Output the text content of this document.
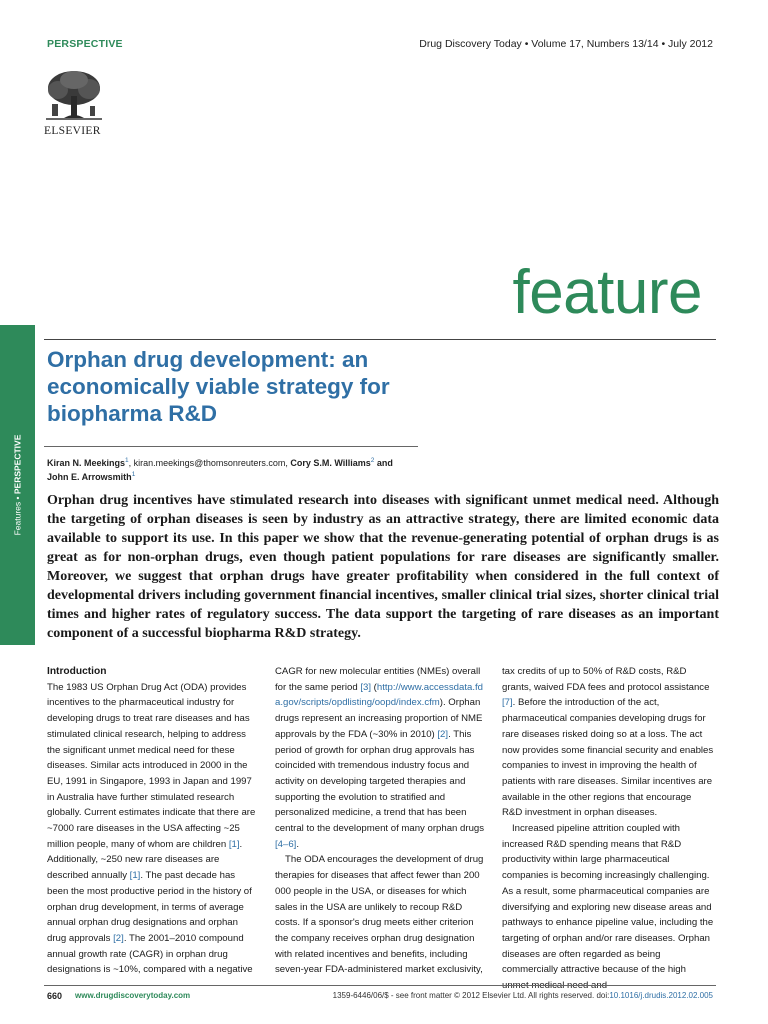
PERSPECTIVE	Drug Discovery Today • Volume 17, Numbers 13/14 • July 2012
ELSEVIER
feature
Features • PERSPECTIVE
Orphan drug development: an economically viable strategy for biopharma R&D
Kiran N. Meekings$^1$, kiran.meekings@thomsonreuters.com, Cory S.M. Williams$^2$ and
John E. Arrowsmith$^1$
Orphan drug incentives have stimulated research into diseases with significant unmet medical need. Although the targeting of orphan diseases is seen by industry as an attractive strategy, there are limited economic data available to support its use. In this paper we show that the revenue-generating potential of orphan drugs is as great as for non-orphan drugs, even though patient populations for rare diseases are significantly smaller. Moreover, we suggest that orphan drugs have greater profitability when considered in the full context of developmental drivers including government financial incentives, smaller clinical trial sizes, shorter clinical trial times and higher rates of regulatory success. The data support the targeting of rare diseases as an important component of a successful biopharma R&D strategy.
Introduction

The 1983 US Orphan Drug Act (ODA) provides incentives to the pharmaceutical industry for developing drugs to treat rare diseases and has stimulated clinical research, helping to address the significant unmet medical need for these diseases. Similar acts introduced in 2000 in the EU, 1991 in Singapore, 1993 in Japan and 1997 in Australia have further stimulated research globally. Current estimates indicate that there are ~7000 rare diseases in the USA affecting ~25 million people, many of whom are children [1]. Additionally, ~250 new rare diseases are described annually [1]. The past decade has been the most productive period in the history of orphan drug development, in terms of average annual orphan drug designations and orphan drug approvals [2]. The 2001–2010 compound annual growth rate (CAGR) in orphan drug designations is ~10%, compared with a negative

CAGR for new molecular entities (NMEs) overall for the same period [3] (http://www.accessdata.fda.gov/scripts/opdlisting/oopd/index.cfm). Orphan drugs represent an increasing proportion of NME approvals by the FDA (~30% in 2010) [2]. This period of growth for orphan drug approvals has coincided with tremendous industry focus and activity on developing targeted therapies and supporting the evolution to stratified and personalized medicine, a trend that has been central to the development of many orphan drugs [4–6].

The ODA encourages the development of drug therapies for diseases that affect fewer than 200 000 people in the USA, or diseases for which sales in the USA are unlikely to recoup R&D costs. If a sponsor's drug meets either criterion the company receives orphan drug designation with related incentives and benefits, including seven-year FDA-administered market exclusivity,

tax credits of up to 50% of R&D costs, R&D grants, waived FDA fees and protocol assistance [7]. Before the introduction of the act, pharmaceutical companies developing drugs for rare diseases risked doing so at a loss. The act now provides some financial security and enables companies to invest in improving the health of patients with rare diseases. Similar incentives are available in the other regions that encourage R&D investment in orphan diseases.

Increased pipeline attrition coupled with increased R&D spending means that R&D productivity within large pharmaceutical companies is becoming increasingly challenging. As a result, some pharmaceutical companies are diversifying and exploring new disease areas and pathways to enhance pipeline value, including the targeting of orphan and/or rare diseases. Orphan diseases are often regarded as being commercially attractive because of the high unmet medical need and

660 www.drugdiscoverytoday.com	1359-6446/06/$ - see front matter © 2012 Elsevier Ltd. All rights reserved. doi:10.1016/j.drudis.2012.02.005
